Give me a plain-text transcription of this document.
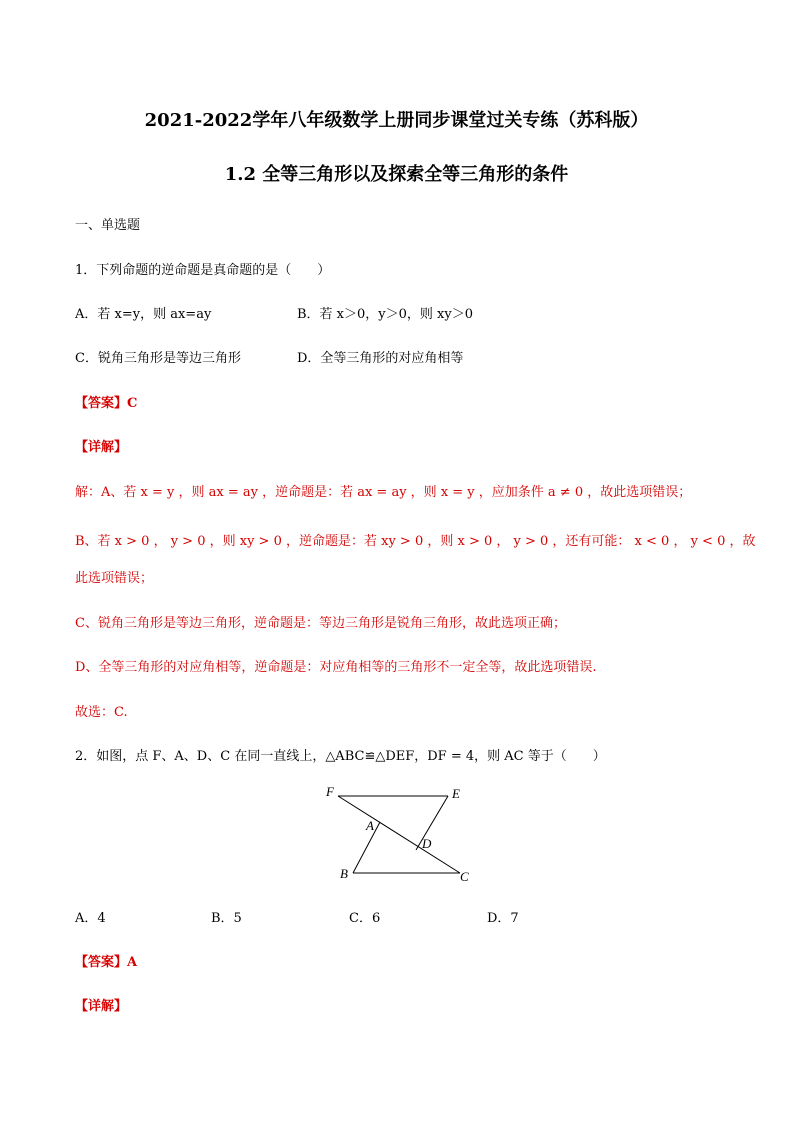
2021-2022学年八年级数学上册同步课堂过关专练（苏科版）
1.2 全等三角形以及探索全等三角形的条件
一、单选题
1．下列命题的逆命题是真命题的是（　　）
A．若 x=y，则 ax=ay	B．若 x＞0，y＞0，则 xy＞0
C．锐角三角形是等边三角形	D．全等三角形的对应角相等
【答案】C
【详解】
解：A、若 x = y ，则 ax = ay ，逆命题是：若 ax = ay ，则 x = y ，应加条件 a ≠ 0 ，故此选项错误；
B、若 x > 0 ， y > 0 ，则 xy > 0 ，逆命题是：若 xy > 0 ，则 x > 0 ， y > 0 ，还有可能： x < 0 ， y < 0 ，故
此选项错误；
C、锐角三角形是等边三角形，逆命题是：等边三角形是锐角三角形，故此选项正确；
D、全等三角形的对应角相等，逆命题是：对应角相等的三角形不一定全等，故此选项错误.
故选：C.
2．如图，点 F、A、D、C 在同一直线上，△ABC≌△DEF，DF = 4，则 AC 等于（　　）
F	E
A
D
B	C
A．4	B．5	C．6	D．7
【答案】A
【详解】
